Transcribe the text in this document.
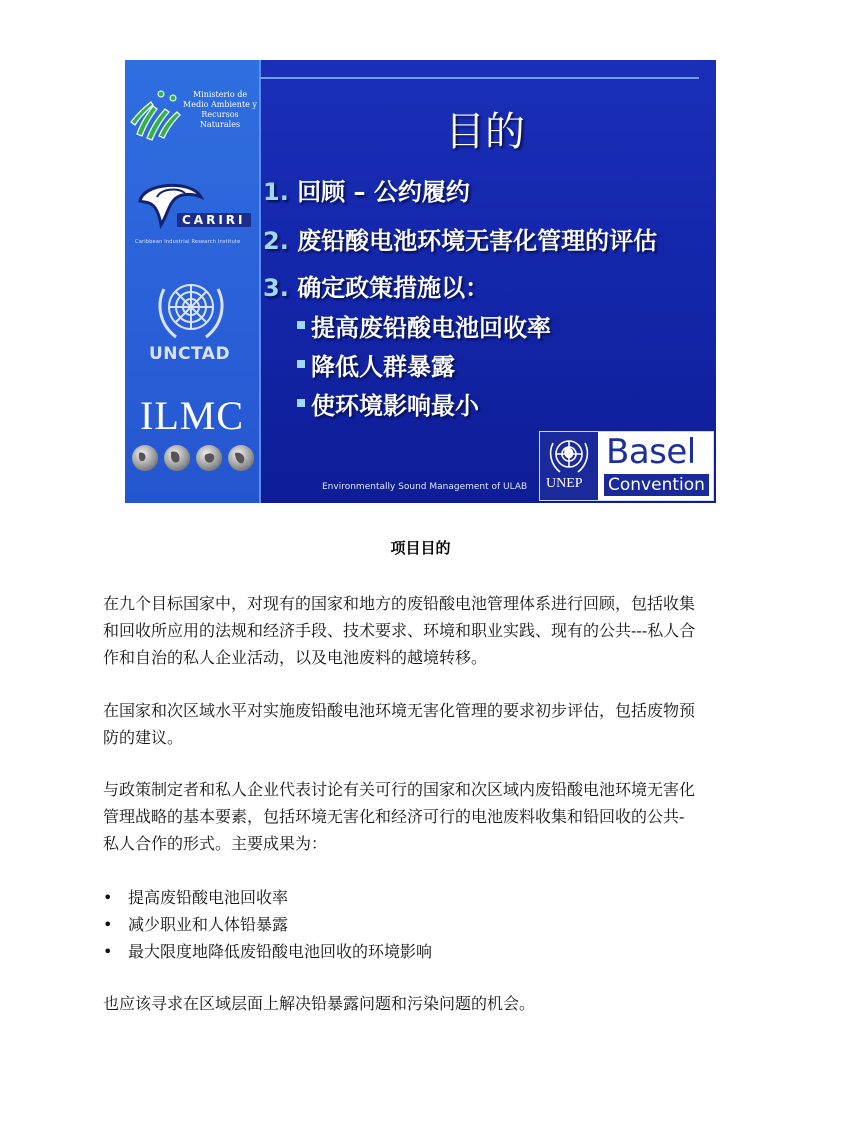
Ministerio de
Medio Ambiente y
Recursos Naturales
CARIRI
Caribbean Industrial Research Institute
UNCTAD
ILMC
目的
1. 回顾 – 公约履约
2. 废铅酸电池环境无害化管理的评估
3. 确定政策措施以：
提高废铅酸电池回收率
降低人群暴露
使环境影响最小
Environmentally Sound Management of ULAB UNEP
Basel
Convention
项目目的
在九个目标国家中，对现有的国家和地方的废铅酸电池管理体系进行回顾，包括收集
和回收所应用的法规和经济手段、技术要求、环境和职业实践、现有的公共---私人合
作和自治的私人企业活动，以及电池废料的越境转移。
在国家和次区域水平对实施废铅酸电池环境无害化管理的要求初步评估，包括废物预
防的建议。
与政策制定者和私人企业代表讨论有关可行的国家和次区域内废铅酸电池环境无害化
管理战略的基本要素，包括环境无害化和经济可行的电池废料收集和铅回收的公共-
私人合作的形式。主要成果为：
• 提高废铅酸电池回收率
• 减少职业和人体铅暴露
• 最大限度地降低废铅酸电池回收的环境影响
也应该寻求在区域层面上解决铅暴露问题和污染问题的机会。
